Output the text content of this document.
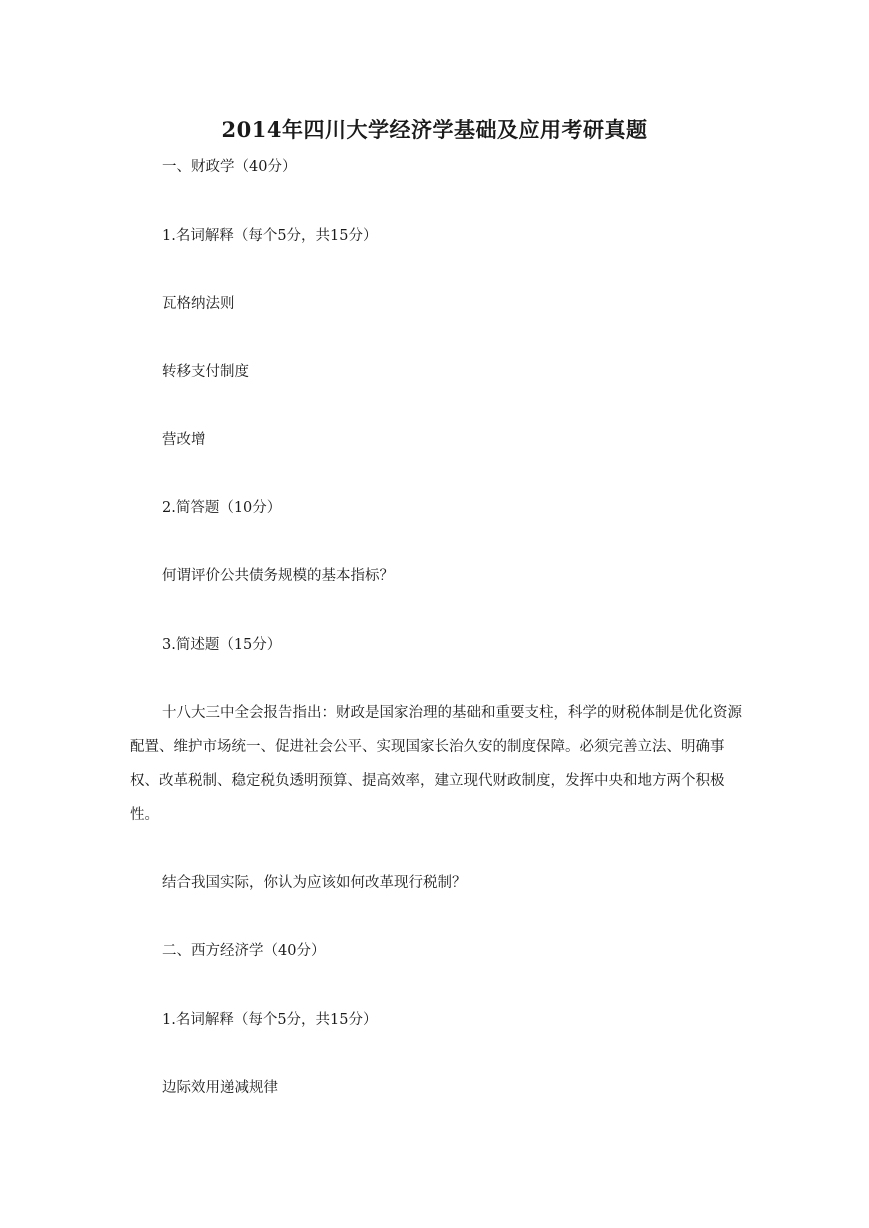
2014年四川大学经济学基础及应用考研真题

一、财政学（40分）

1.名词解释（每个5分，共15分）

瓦格纳法则

转移支付制度

营改增

2.简答题（10分）

何谓评价公共债务规模的基本指标？

3.简述题（15分）

十八大三中全会报告指出：财政是国家治理的基础和重要支柱，科学的财税体制是优化资源配置、维护市场统一、促进社会公平、实现国家长治久安的制度保障。必须完善立法、明确事权、改革税制、稳定税负透明预算、提高效率，建立现代财政制度，发挥中央和地方两个积极性。

结合我国实际，你认为应该如何改革现行税制？

二、西方经济学（40分）

1.名词解释（每个5分，共15分）

边际效用递减规律
